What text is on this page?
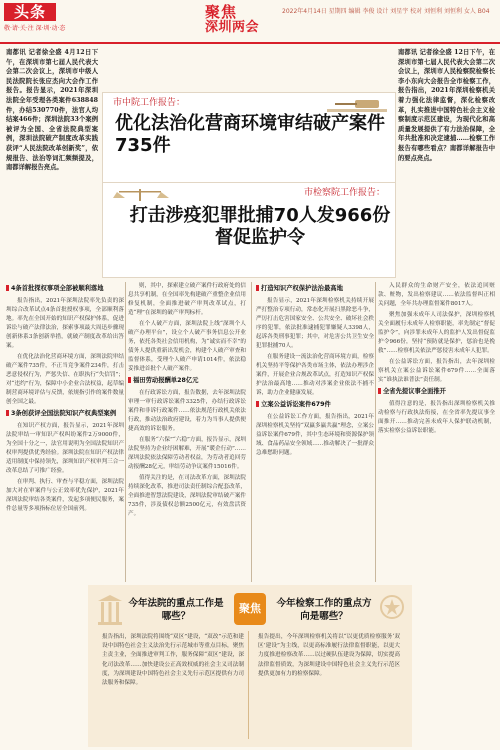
头条
敬·请·关·注 深·圳·动·态
聚焦
深圳两会
2022年4月14日 星期四 编辑 李俊 设计 刘星宇 校对 刘恒利 刘恒利 女人 B04
南都讯 记者徐全盛 4月12日下午，在深圳市第七届人民代表大会第二次会议上，深圳市中级人民法院院长张应杰向大会作工作报告。报告显示，2021年深圳法院全年受理各类案件638848件，办结530770件，法官人均结案466件；深圳法院33个案例被评为全国、全省法院典型案例，深圳法院破产制度改革实践获评“人民法院改革创新奖”，依规报告、法治等词汇频频提及，南都详解报告亮点。
市中院工作报告：
优化法治化营商环境审结破产案件735件
市检察院工作报告：
打击涉疫犯罪批捕70人发966份督促监护令
南都讯 记者徐全盛 12日下午，在深圳市第七届人民代表大会第二次会议上，深圳市人民检察院检察长李小东向大会报告全市检察工作，报告指出，2021年深圳检察机关着力强化法律监督，深化检察改革，扎实推进中国特色社会主义检察制度示范区建设，为现代化和高质量发展提供了有力法治保障，全年共批准和决定逮捕……检察工作报告有哪些看点？南都详解报告中的要点亮点。
4条首批探权事项全部被顺利落地

报告指出，2021年深圳法院率先负责的深圳综合改革试点4条首批授权事项，全部顺利落地。率先在全国开始的知识产权保护体系，促进诉讼与破产法律法治，探索事项最大周迅步骤现创新体系3条创新举措，就破产制度改革给出答案。

在优化法治化营商环境方面，深圳法院审结破产案件735件，不正当竞争案件234件，打击恶意侵权行为，严惩失信、在职执行“失信罚”；对“违约”行为，保障中小企业合法权益，起草编制营商环境评估与反馈，依规指引作的案件数量创全国之最。

3条创获评全国法院知识产权典型案例

在知识产权方面，报告显示，2021年深圳法院审结一审知识产权纠纷案件2万9000件，为全国十分之一，法官用说明为全国法院知识产权审判提供优秀经验。深圳法院在知识产权法律适用制度中保持领先，深圳知识产权审判三合一改革总结了可推广经验。

在审判、执行、审查与平稳方面，深圳法院加大对在审案件与公正效率优先保护，2021年深圳法院审结各类案件，发起多项便民服务，案件总量等多项指标位居全国前列。

则，其中，探索建立破产案件行政府处的信息共享机制，在全国率先构建破产重整企业信用修复机制，全面推进破产审判改革试点，打造“理”在深圳的破产审判标杆。

在个人破产方面，深圳法院上线“深圳个人破产办理平台”，设立个人破产事务信息公开业务，依托各类社会信用机构，为“诚实而不幸”的债务人提供重新出发机会，构建个人破产审查和监督体系，受理个人破产申请1014件，依法稳妥推进首批个人破产案件。

福田劳动报酬单28亿元

在行政诉讼方面，报告数据，去年深圳法院审理一审行政诉讼案件3325件，办结行政诉讼案件和非诉行政案件……依法规范行政机关依法行政，推动法治政府建设，着力为当事人提供便捷高效的诉讼服务。

在服务“六保”“六稳”方面，报告显示，深圳法院坚持为企业纾困解难，开展“暖企行动”……深圳法院依法保障劳动者权益，为劳动者追回劳动报酬28亿元，审结劳动争议案件15016件。

值得关注的是，在司法改革方面，深圳法院持续深化改革，推进司法责任制综合配套改革，全面推进智慧法院建设，深圳法院审结破产案件735件，涉及债权总额2500亿元，有效盘活资产。

打造知识产权保护法治最高地

报告显示，2021年深圳检察机关持续开展严打整治专项行动，常态化开展扫黑除恶斗争，严厉打击危害国家安全、公共安全、破坏社会秩序的犯罪，依法批准逮捕犯罪嫌疑人3398人，起诉各类刑事犯罪；其中，对危害公共卫生安全犯罪批捕70人。

在服务建设一流法治化营商环境方面，检察机关坚持平等保护各类市场主体，依法办理涉企案件，开展企业合规改革试点，打造知识产权保护法治最高地……推动对涉案企业依法不捕不诉，助力企业健康发展。

立案公益诉讼案件679件

在公益诉讼工作方面，报告指出，2021年深圳检察机关坚持“双赢多赢共赢”理念，立案公益诉讼案件679件，其中生态环境和资源保护领域、食品药品安全领域……推动解决了一批群众急难愁盼问题。

入民群众的生命财产安全，依法追回赃款、赃物，发出检察建议……依法监督纠正相关问题，全年共办理监督案件8017人。

聚焦加强未成年人司法保护，深圳检察机关全面履行未成年人检察职能，率先制定“督促监护令”，向涉罪未成年人的监护人发出督促监护令966份，坚持“预防就是保护，惩治也是挽救”……检察机关依法严惩侵害未成年人犯罪。

在公益诉讼方面，报告指出，去年深圳检察机关立案公益诉讼案件679件……全面落实“谁执法谁普法”责任制。

全省先提议事全面推开

值得注意的是，报告指出深圳检察机关推动检察与行政执法衔接，在全省率先提议事全面推开……推动完善未成年人保护联动机制，落实检察公益诉讼职能。

今年法院的重点工作是哪些？
聚焦	今年检察工作的重点方向是哪些？
报告指出，深圳法院将围绕“双区”建设，“双改”示范和建设中国特色社会主义法治先行示范城市等重点目标，聚焦主责主业，全面推进审判工作，服务保障“双区”建设，深化司法改革……加快建设公正高效权威的社会主义司法制度，为深圳建设中国特色社会主义先行示范区提供有力司法服务和保障。
报告提出，今年深圳检察机关将以“以更优质检察服务‘双区’建设”为主线，以更高标准履行法律监督职能，以更大力度推进检察改革……以过硬队伍建设为保障，切实提高法律监督质效，为深圳建设中国特色社会主义先行示范区提供更加有力的检察保障。
